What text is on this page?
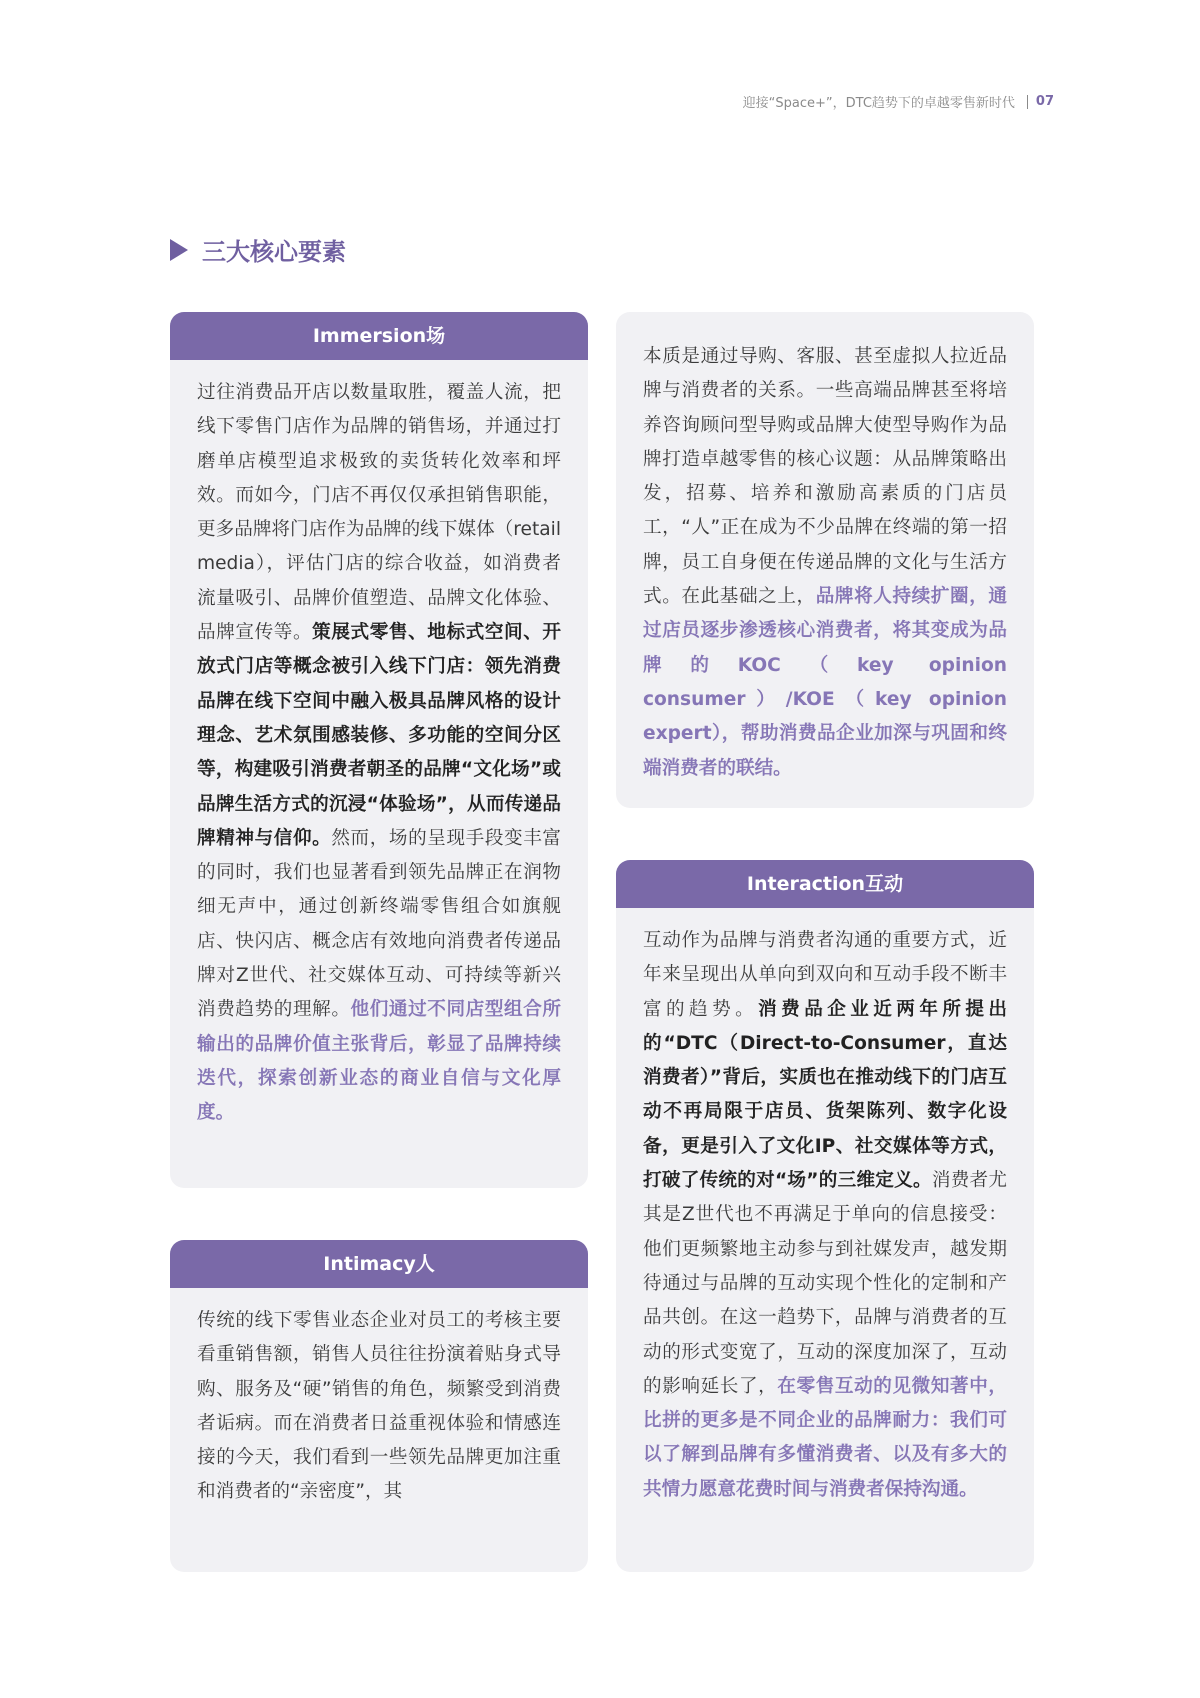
迎接“Space+”，DTC趋势下的卓越零售新时代 07
三大核心要素
Immersion场
过往消费品开店以数量取胜，覆盖人流，把线下零售门店作为品牌的销售场，并通过打磨单店模型追求极致的卖货转化效率和坪效。而如今，门店不再仅仅承担销售职能，更多品牌将门店作为品牌的线下媒体（retail media），评估门店的综合收益，如消费者流量吸引、品牌价值塑造、品牌文化体验、品牌宣传等。策展式零售、地标式空间、开放式门店等概念被引入线下门店：领先消费品牌在线下空间中融入极具品牌风格的设计理念、艺术氛围感装修、多功能的空间分区等，构建吸引消费者朝圣的品牌“文化场”或品牌生活方式的沉浸“体验场”，从而传递品牌精神与信仰。然而，场的呈现手段变丰富的同时，我们也显著看到领先品牌正在润物细无声中，通过创新终端零售组合如旗舰店、快闪店、概念店有效地向消费者传递品牌对Z世代、社交媒体互动、可持续等新兴消费趋势的理解。他们通过不同店型组合所输出的品牌价值主张背后，彰显了品牌持续迭代，探索创新业态的商业自信与文化厚度。
Intimacy人
传统的线下零售业态企业对员工的考核主要看重销售额，销售人员往往扮演着贴身式导购、服务及“硬”销售的角色，频繁受到消费者诟病。而在消费者日益重视体验和情感连接的今天，我们看到一些领先品牌更加注重和消费者的“亲密度”，其
本质是通过导购、客服、甚至虚拟人拉近品牌与消费者的关系。一些高端品牌甚至将培养咨询顾问型导购或品牌大使型导购作为品牌打造卓越零售的核心议题：从品牌策略出发，招募、培养和激励高素质的门店员工，“人”正在成为不少品牌在终端的第一招牌，员工自身便在传递品牌的文化与生活方式。在此基础之上，品牌将人持续扩圈，通过店员逐步渗透核心消费者，将其变成为品牌的KOC（key opinion consumer）/KOE（key opinion expert），帮助消费品企业加深与巩固和终端消费者的联结。
Interaction互动
互动作为品牌与消费者沟通的重要方式，近年来呈现出从单向到双向和互动手段不断丰富的趋势。消费品企业近两年所提出的“DTC（Direct-to-Consumer，直达消费者）”背后，实质也在推动线下的门店互动不再局限于店员、货架陈列、数字化设备，更是引入了文化IP、社交媒体等方式，打破了传统的对“场”的三维定义。消费者尤其是Z世代也不再满足于单向的信息接受：他们更频繁地主动参与到社媒发声，越发期待通过与品牌的互动实现个性化的定制和产品共创。在这一趋势下，品牌与消费者的互动的形式变宽了，互动的深度加深了，互动的影响延长了，在零售互动的见微知著中，比拼的更多是不同企业的品牌耐力：我们可以了解到品牌有多懂消费者、以及有多大的共情力愿意花费时间与消费者保持沟通。
